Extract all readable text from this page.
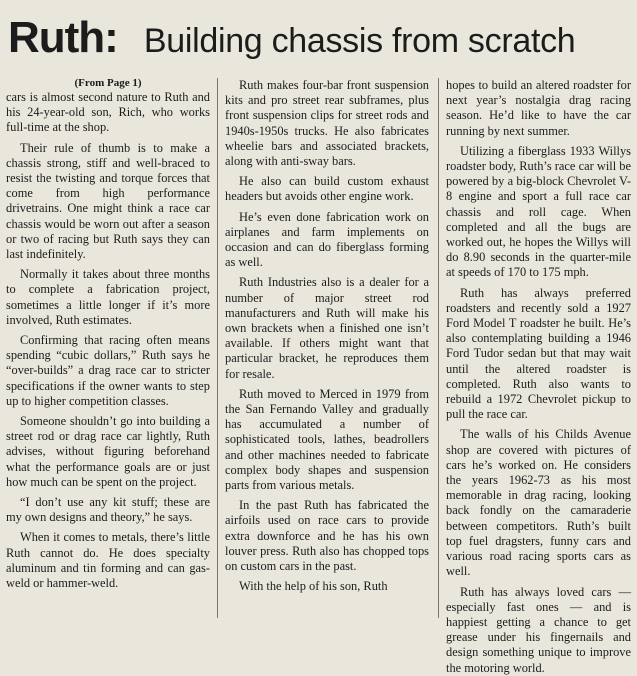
Ruth: Building chassis from scratch
(From Page 1)

cars is almost second nature to Ruth and his 24-year-old son, Rich, who works full-time at the shop.

Their rule of thumb is to make a chassis strong, stiff and well-braced to resist the twisting and torque forces that come from high performance drivetrains. One might think a race car chassis would be worn out after a season or two of racing but Ruth says they can last indefinitely.

Normally it takes about three months to complete a fabrication project, sometimes a little longer if it’s more involved, Ruth estimates.

Confirming that racing often means spending “cubic dollars,” Ruth says he “over-builds” a drag race car to stricter specifications if the owner wants to step up to higher competition classes.

Someone shouldn’t go into building a street rod or drag race car lightly, Ruth advises, without figuring beforehand what the performance goals are or just how much can be spent on the project.

“I don’t use any kit stuff; these are my own designs and theory,” he says.

When it comes to metals, there’s little Ruth cannot do. He does specialty aluminum and tin forming and can gas-weld or hammer-weld.

Ruth makes four-bar front suspension kits and pro street rear subframes, plus front suspension clips for street rods and 1940s-1950s trucks. He also fabricates wheelie bars and associated brackets, along with anti-sway bars.

He also can build custom exhaust headers but avoids other engine work.

He’s even done fabrication work on airplanes and farm implements on occasion and can do fiberglass forming as well.

Ruth Industries also is a dealer for a number of major street rod manufacturers and Ruth will make his own brackets when a finished one isn’t available. If others might want that particular bracket, he reproduces them for resale.

Ruth moved to Merced in 1979 from the San Fernando Valley and gradually has accumulated a number of sophisticated tools, lathes, beadrollers and other machines needed to fabricate complex body shapes and suspension parts from various metals.

In the past Ruth has fabricated the airfoils used on race cars to provide extra downforce and he has his own louver press. Ruth also has chopped tops on custom cars in the past.

With the help of his son, Ruth

hopes to build an altered roadster for next year’s nostalgia drag racing season. He’d like to have the car running by next summer.

Utilizing a fiberglass 1933 Willys roadster body, Ruth’s race car will be powered by a big-block Chevrolet V-8 engine and sport a full race car chassis and roll cage. When completed and all the bugs are worked out, he hopes the Willys will do 8.90 seconds in the quarter-mile at speeds of 170 to 175 mph.

Ruth has always preferred roadsters and recently sold a 1927 Ford Model T roadster he built. He’s also contemplating building a 1946 Ford Tudor sedan but that may wait until the altered roadster is completed. Ruth also wants to rebuild a 1972 Chevrolet pickup to pull the race car.

The walls of his Childs Avenue shop are covered with pictures of cars he’s worked on. He considers the years 1962-73 as his most memorable in drag racing, looking back fondly on the camaraderie between competitors. Ruth’s built top fuel dragsters, funny cars and various road racing sports cars as well.

Ruth has always loved cars — especially fast ones — and is happiest getting a chance to get grease under his fingernails and design something unique to improve the motoring world.
